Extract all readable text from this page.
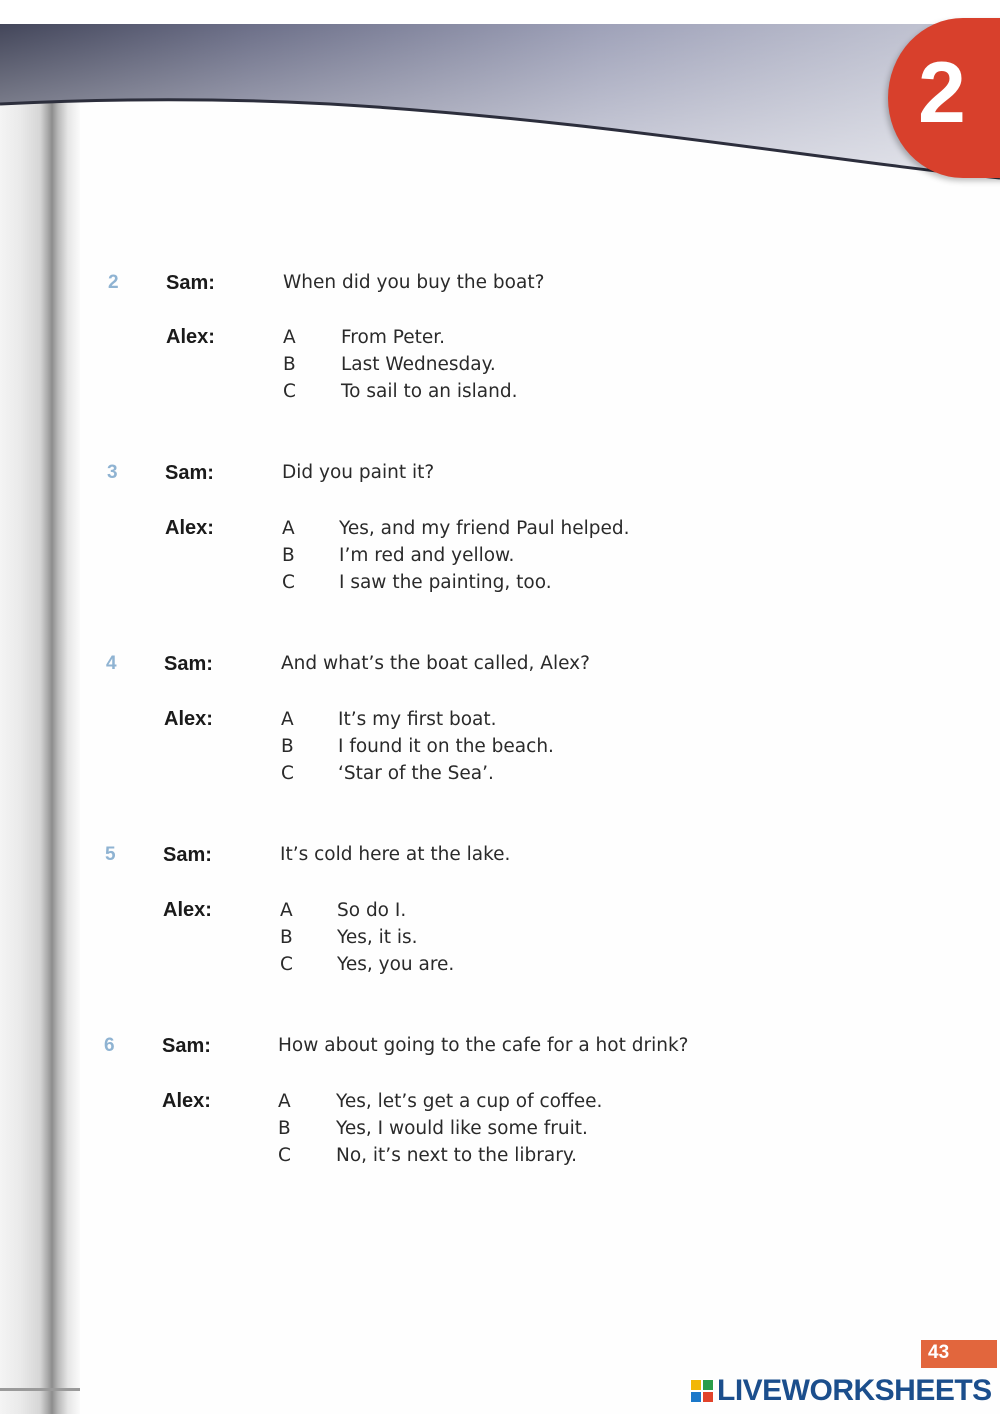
2
2 Sam:	When did you buy the boat?
Alex:	A From Peter.
B Last Wednesday.
C To sail to an island.
3 Sam:	Did you paint it?
Alex:	A Yes, and my friend Paul helped.
B I’m red and yellow.
C I saw the painting, too.
4 Sam:	And what’s the boat called, Alex?
Alex:	A It’s my first boat.
B I found it on the beach.
C ‘Star of the Sea’.
5 Sam:	It’s cold here at the lake.
Alex:	A So do I.
B Yes, it is.
C Yes, you are.
6 Sam:	How about going to the cafe for a hot drink?
Alex:	A Yes, let’s get a cup of coffee.
B Yes, I would like some fruit.
C No, it’s next to the library.
43
LIVEWORKSHEETS
